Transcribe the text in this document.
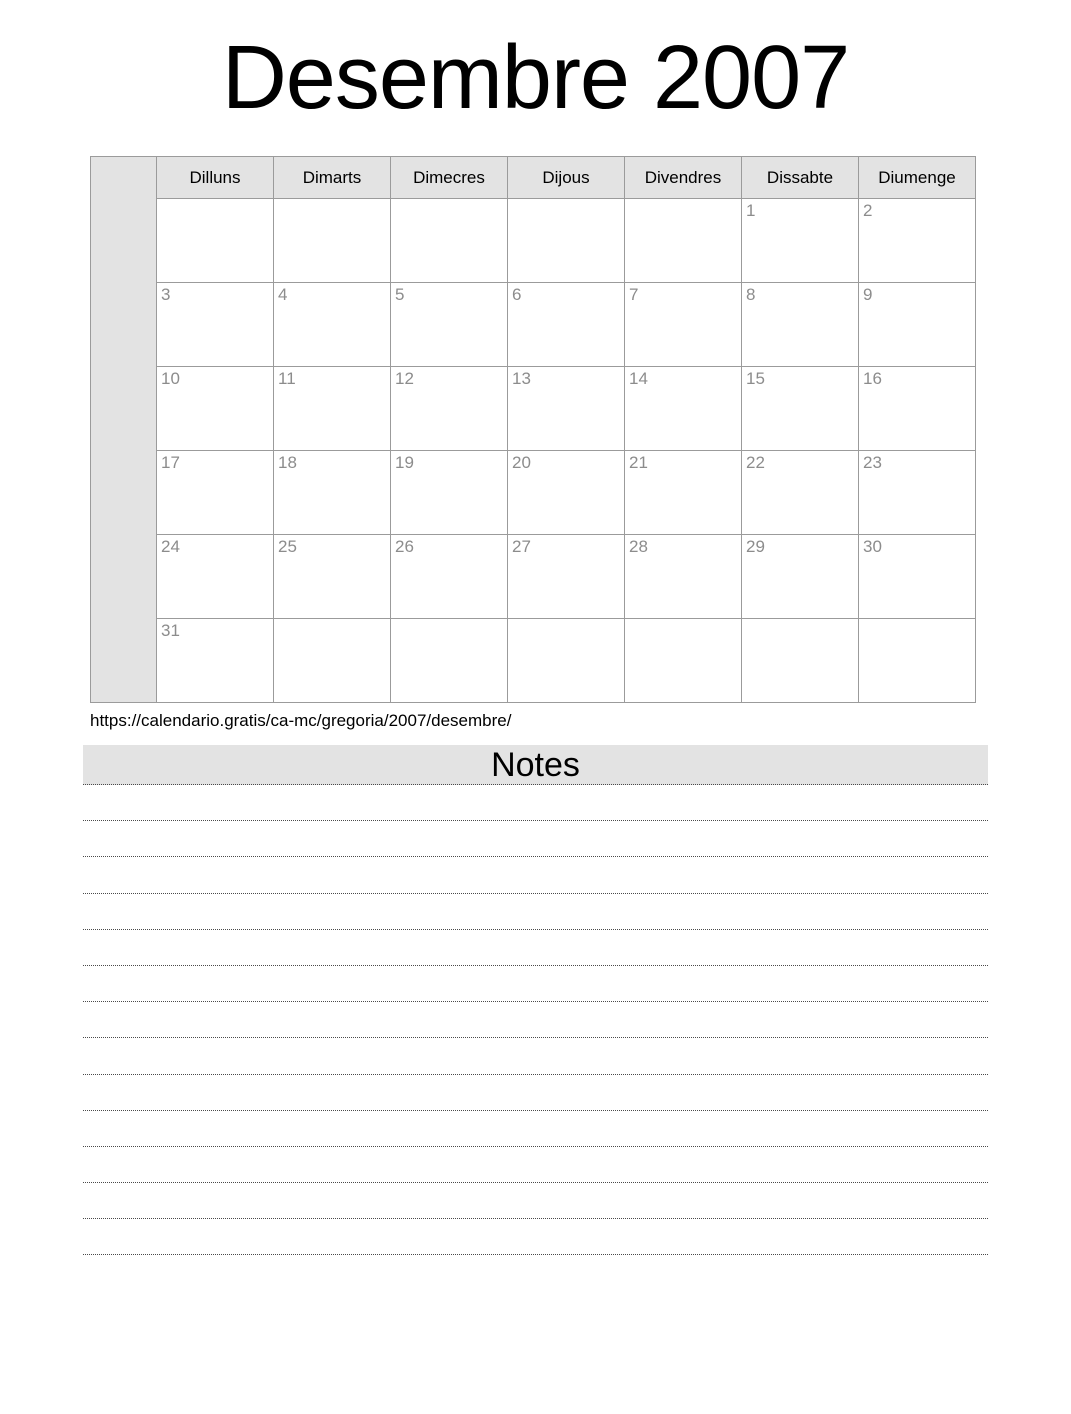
Desembre 2007
	Dilluns	Dimarts	Dimecres	Dijous	Divendres	Dissabte	Diumenge
						1	2
	3	4	5	6	7	8	9
	10	11	12	13	14	15	16
	17	18	19	20	21	22	23
	24	25	26	27	28	29	30
	31						
https://calendario.gratis/ca-mc/gregoria/2007/desembre/
Notes
